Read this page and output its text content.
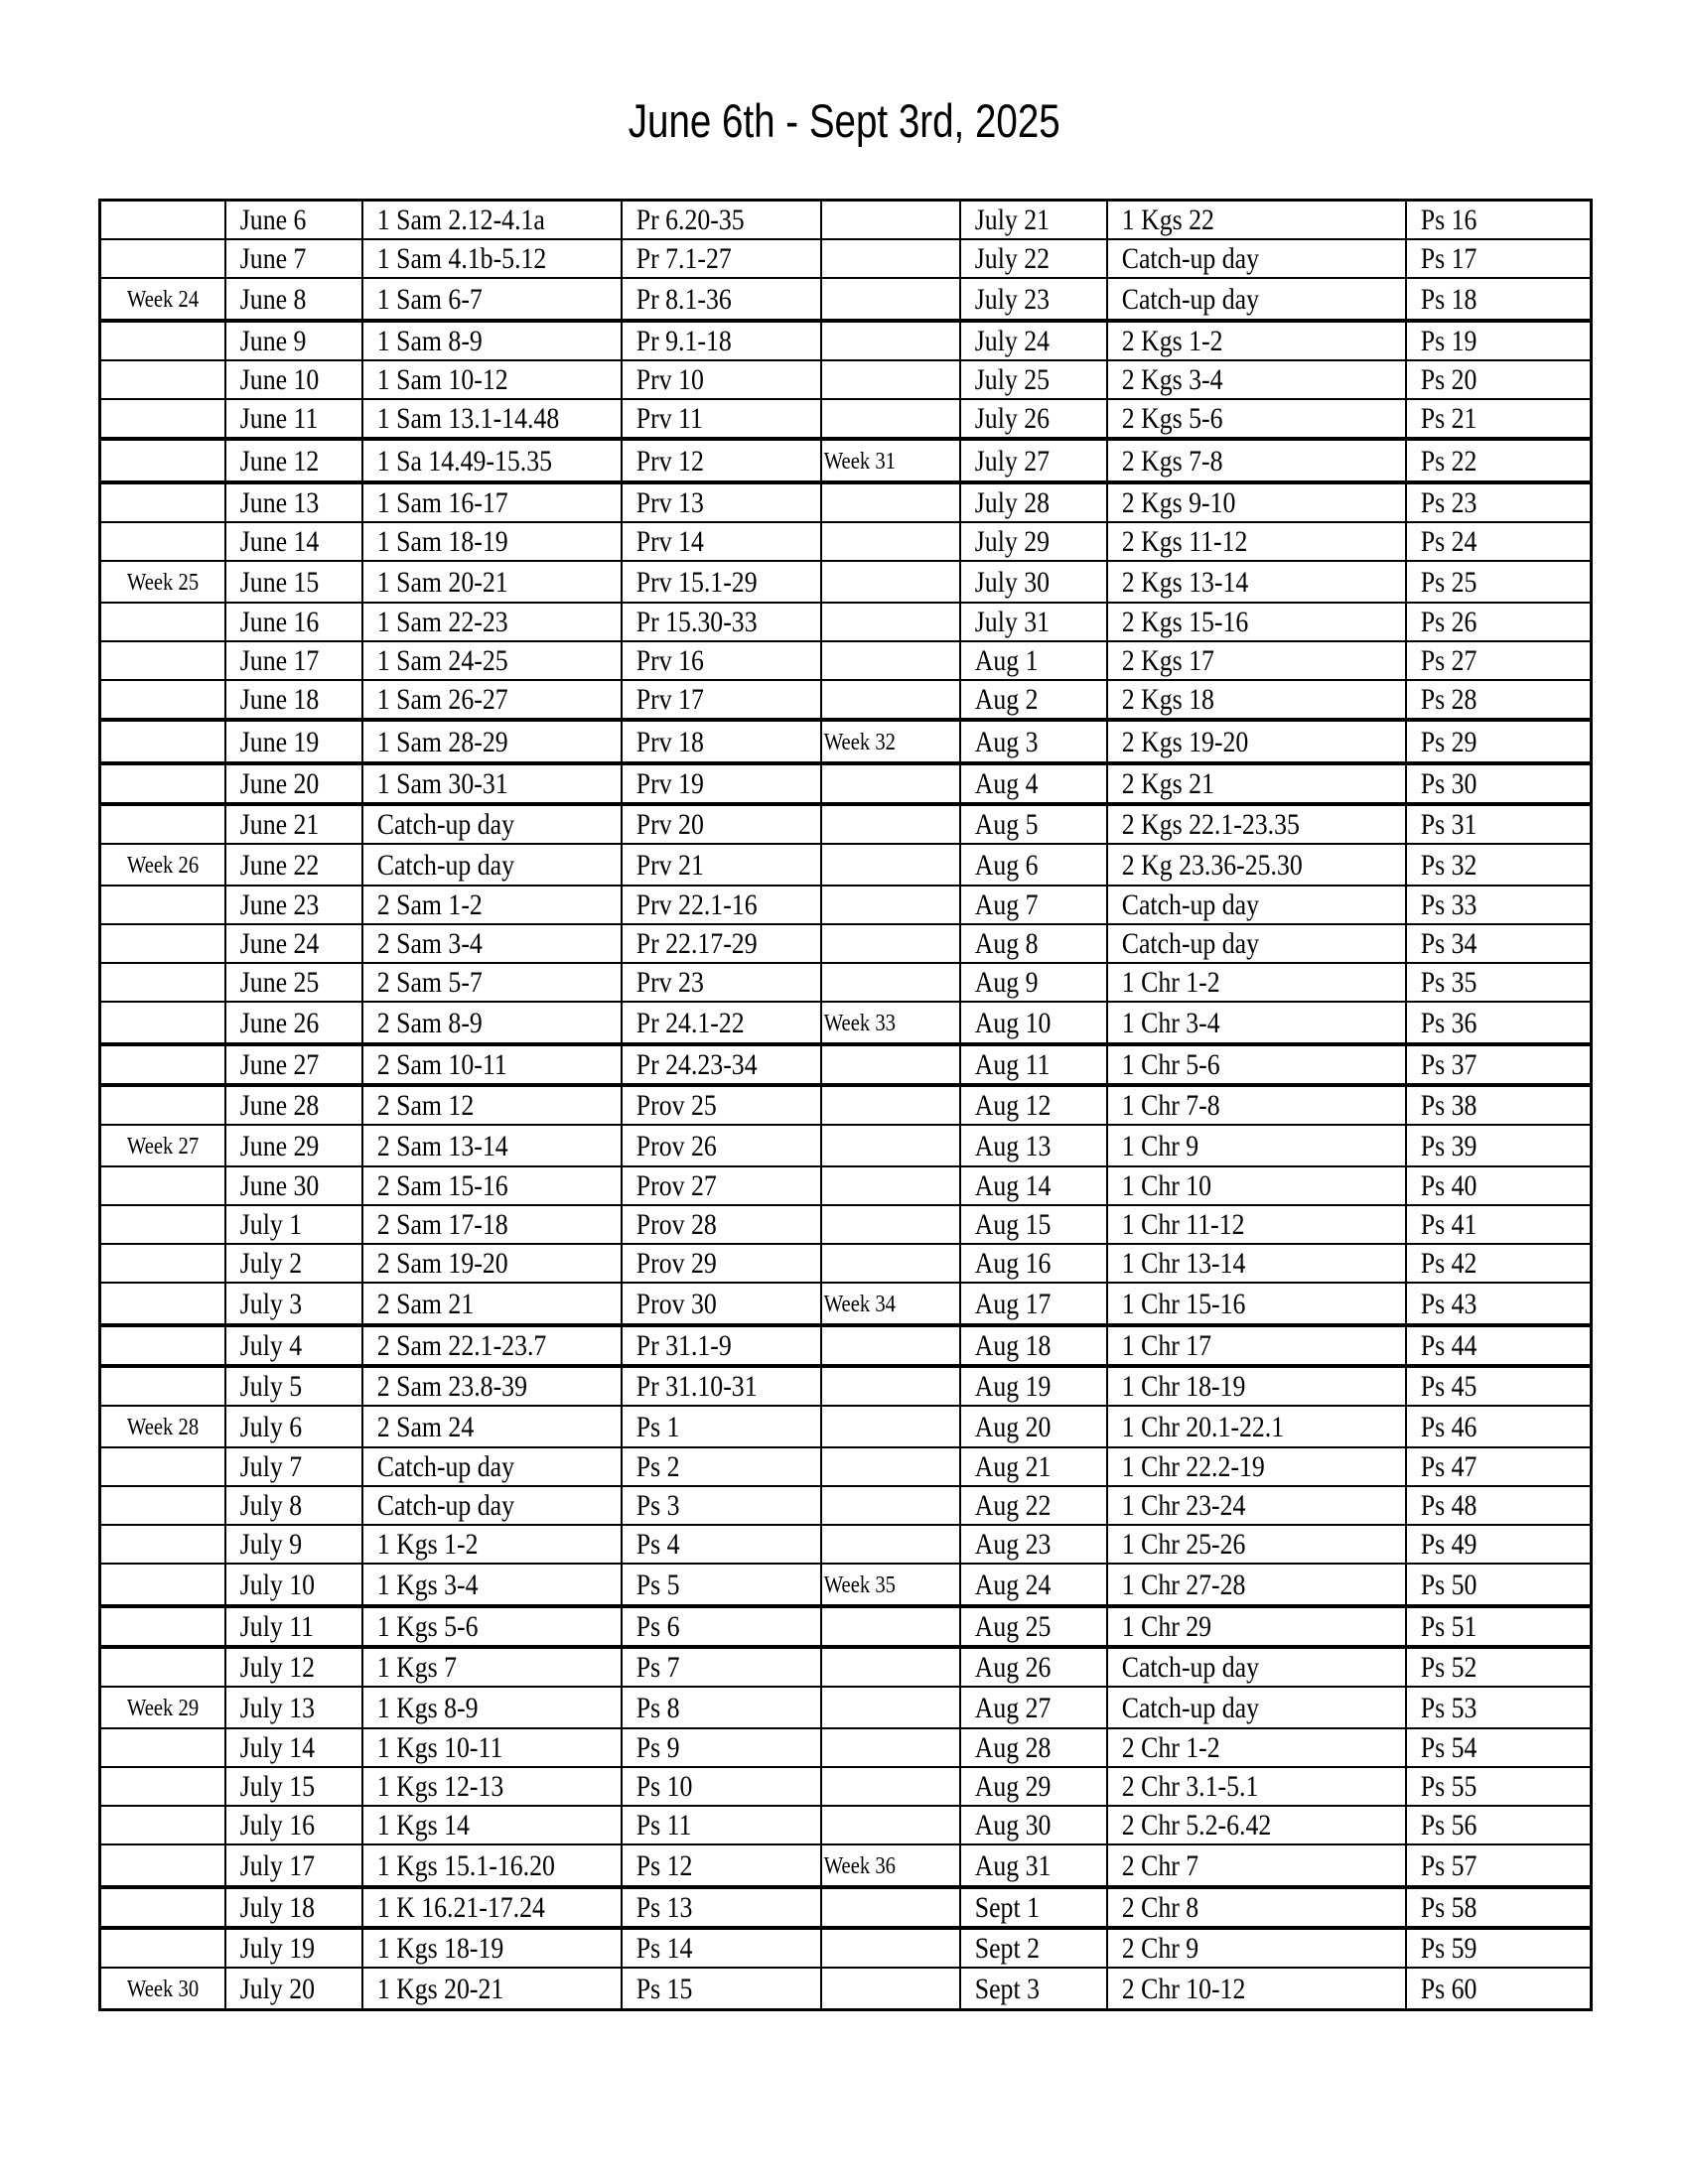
June 6th - Sept 3rd, 2025
	June 6	1 Sam 2.12-4.1a	Pr 6.20-35		July 21	1 Kgs 22	Ps 16
	June 7	1 Sam 4.1b-5.12	Pr 7.1-27		July 22	Catch-up day	Ps 17
Week 24	June 8	1 Sam 6-7	Pr 8.1-36		July 23	Catch-up day	Ps 18
	June 9	1 Sam 8-9	Pr 9.1-18		July 24	2 Kgs 1-2	Ps 19
	June 10	1 Sam 10-12	Prv 10		July 25	2 Kgs 3-4	Ps 20
	June 11	1 Sam 13.1-14.48	Prv 11		July 26	2 Kgs 5-6	Ps 21
	June 12	1 Sa 14.49-15.35	Prv 12	Week 31	July 27	2 Kgs 7-8	Ps 22
	June 13	1 Sam 16-17	Prv 13		July 28	2 Kgs 9-10	Ps 23
	June 14	1 Sam 18-19	Prv 14		July 29	2 Kgs 11-12	Ps 24
Week 25	June 15	1 Sam 20-21	Prv 15.1-29		July 30	2 Kgs 13-14	Ps 25
	June 16	1 Sam 22-23	Pr 15.30-33		July 31	2 Kgs 15-16	Ps 26
	June 17	1 Sam 24-25	Prv 16		Aug 1	2 Kgs 17	Ps 27
	June 18	1 Sam 26-27	Prv 17		Aug 2	2 Kgs 18	Ps 28
	June 19	1 Sam 28-29	Prv 18	Week 32	Aug 3	2 Kgs 19-20	Ps 29
	June 20	1 Sam 30-31	Prv 19		Aug 4	2 Kgs 21	Ps 30
	June 21	Catch-up day	Prv 20		Aug 5	2 Kgs 22.1-23.35	Ps 31
Week 26	June 22	Catch-up day	Prv 21		Aug 6	2 Kg 23.36-25.30	Ps 32
	June 23	2 Sam 1-2	Prv 22.1-16		Aug 7	Catch-up day	Ps 33
	June 24	2 Sam 3-4	Pr 22.17-29		Aug 8	Catch-up day	Ps 34
	June 25	2 Sam 5-7	Prv 23		Aug 9	1 Chr 1-2	Ps 35
	June 26	2 Sam 8-9	Pr 24.1-22	Week 33	Aug 10	1 Chr 3-4	Ps 36
	June 27	2 Sam 10-11	Pr 24.23-34		Aug 11	1 Chr 5-6	Ps 37
	June 28	2 Sam 12	Prov 25		Aug 12	1 Chr 7-8	Ps 38
Week 27	June 29	2 Sam 13-14	Prov 26		Aug 13	1 Chr 9	Ps 39
	June 30	2 Sam 15-16	Prov 27		Aug 14	1 Chr 10	Ps 40
	July 1	2 Sam 17-18	Prov 28		Aug 15	1 Chr 11-12	Ps 41
	July 2	2 Sam 19-20	Prov 29		Aug 16	1 Chr 13-14	Ps 42
	July 3	2 Sam 21	Prov 30	Week 34	Aug 17	1 Chr 15-16	Ps 43
	July 4	2 Sam 22.1-23.7	Pr 31.1-9		Aug 18	1 Chr 17	Ps 44
	July 5	2 Sam 23.8-39	Pr 31.10-31		Aug 19	1 Chr 18-19	Ps 45
Week 28	July 6	2 Sam 24	Ps 1		Aug 20	1 Chr 20.1-22.1	Ps 46
	July 7	Catch-up day	Ps 2		Aug 21	1 Chr 22.2-19	Ps 47
	July 8	Catch-up day	Ps 3		Aug 22	1 Chr 23-24	Ps 48
	July 9	1 Kgs 1-2	Ps 4		Aug 23	1 Chr 25-26	Ps 49
	July 10	1 Kgs 3-4	Ps 5	Week 35	Aug 24	1 Chr 27-28	Ps 50
	July 11	1 Kgs 5-6	Ps 6		Aug 25	1 Chr 29	Ps 51
	July 12	1 Kgs 7	Ps 7		Aug 26	Catch-up day	Ps 52
Week 29	July 13	1 Kgs 8-9	Ps 8		Aug 27	Catch-up day	Ps 53
	July 14	1 Kgs 10-11	Ps 9		Aug 28	2 Chr 1-2	Ps 54
	July 15	1 Kgs 12-13	Ps 10		Aug 29	2 Chr 3.1-5.1	Ps 55
	July 16	1 Kgs 14	Ps 11		Aug 30	2 Chr 5.2-6.42	Ps 56
	July 17	1 Kgs 15.1-16.20	Ps 12	Week 36	Aug 31	2 Chr 7	Ps 57
	July 18	1 K 16.21-17.24	Ps 13		Sept 1	2 Chr 8	Ps 58
	July 19	1 Kgs 18-19	Ps 14		Sept 2	2 Chr 9	Ps 59
Week 30	July 20	1 Kgs 20-21	Ps 15		Sept 3	2 Chr 10-12	Ps 60
